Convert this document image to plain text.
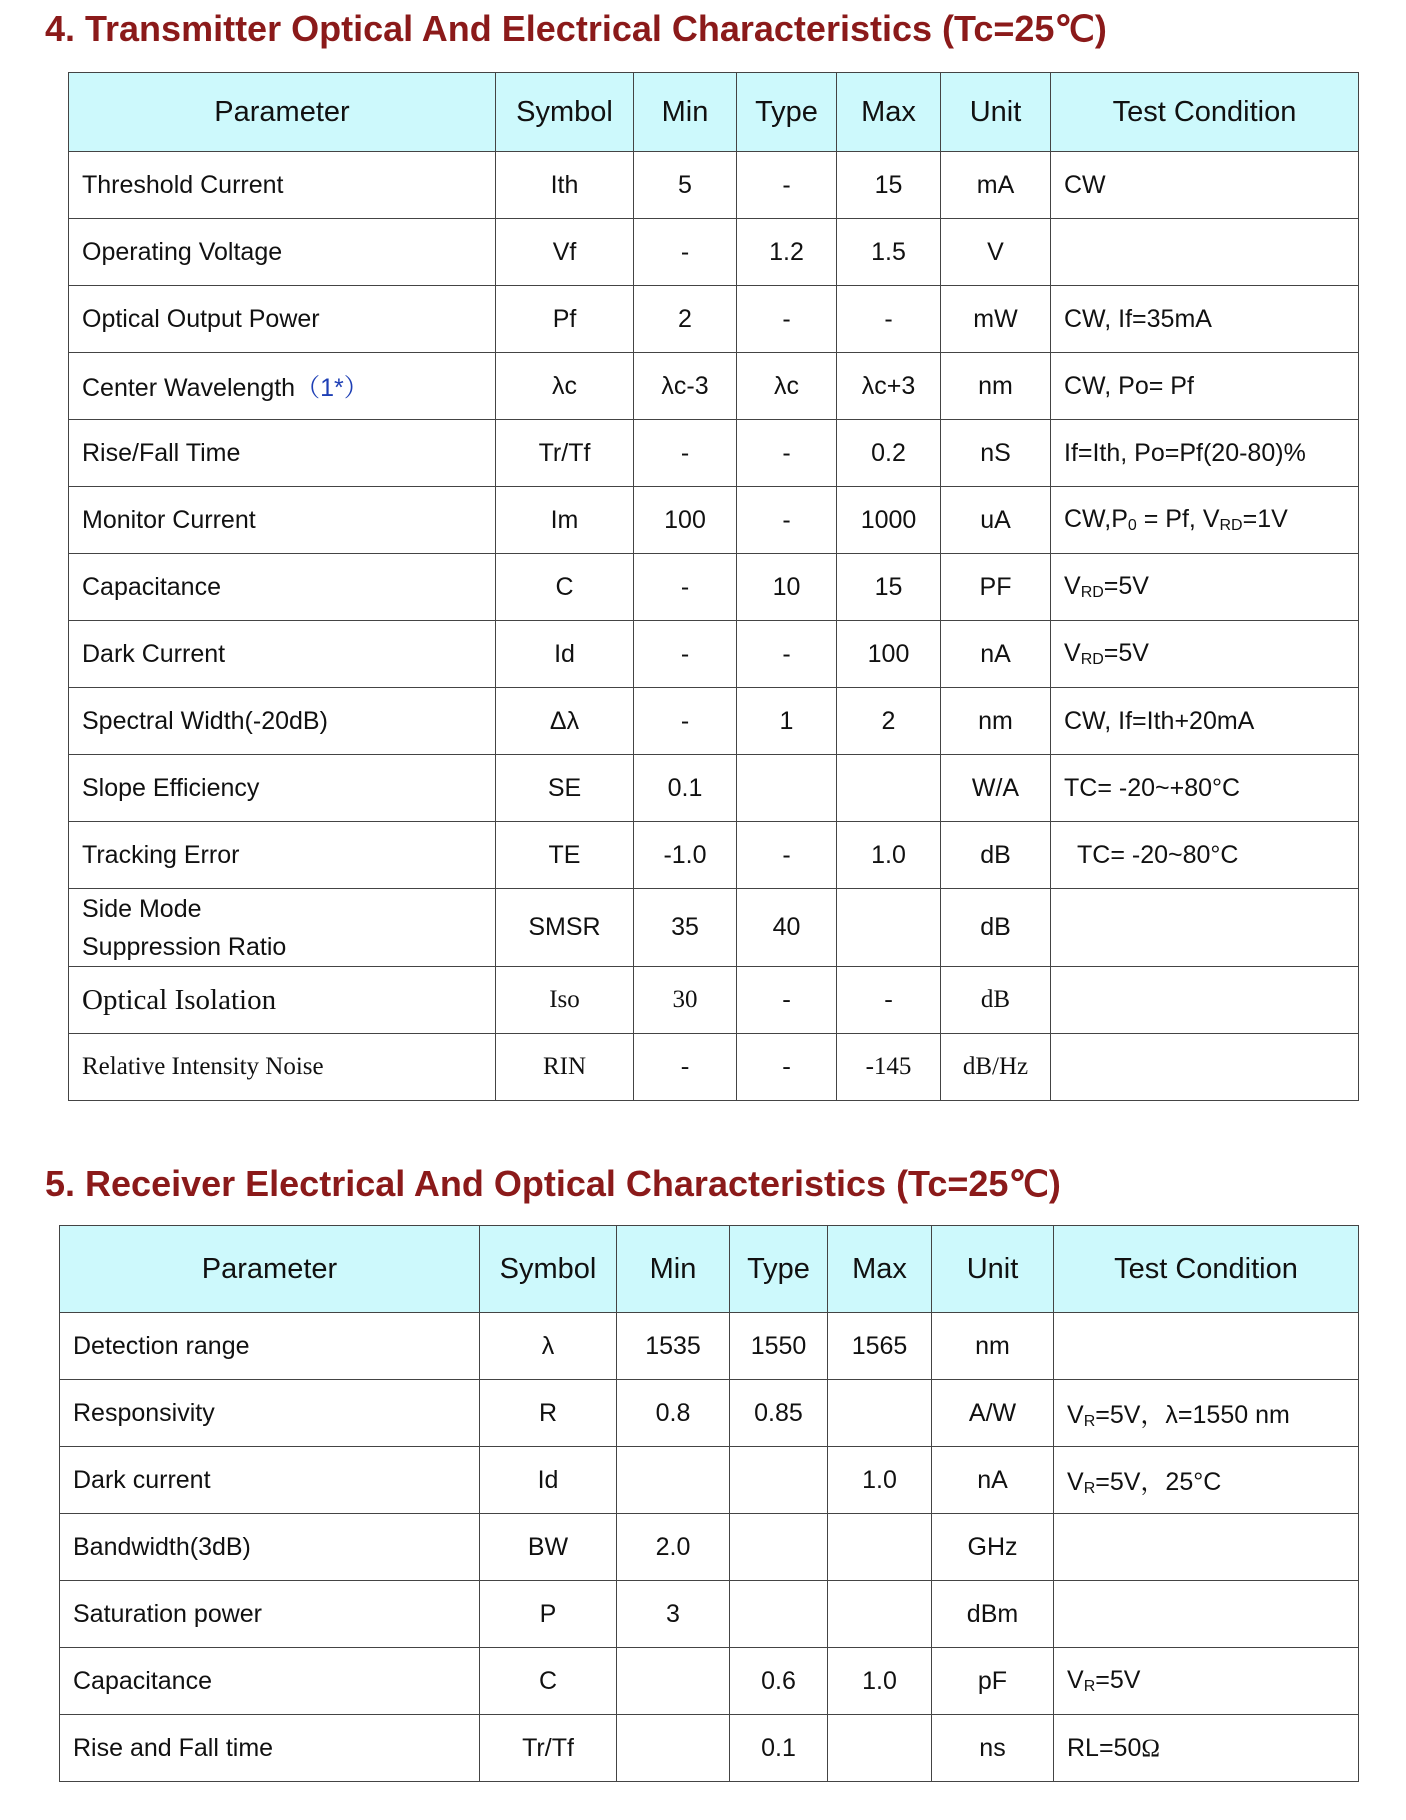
4. Transmitter Optical And Electrical Characteristics (Tc=25℃)
Parameter	Symbol	Min	Type	Max	Unit	Test Condition
Threshold Current	Ith	5	-	15	mA	CW
Operating Voltage	Vf	-	1.2	1.5	V	
Optical Output Power	Pf	2	-	-	mW	CW, If=35mA
Center Wavelength（1*）	λc	λc-3	λc	λc+3	nm	CW, Po= Pf
Rise/Fall Time	Tr/Tf	-	-	0.2	nS	If=Ith, Po=Pf(20-80)%
Monitor Current	Im	100	-	1000	uA	$CW,P_0 = Pf$, $V_{RD}=1V$
Capacitance	C	-	10	15	PF	$V_{RD}=5V$
Dark Current	Id	-	-	100	nA	$V_{RD}=5V$
Spectral Width(-20dB)	Δλ	-	1	2	nm	CW, If=Ith+20mA
Slope Efficiency	SE	0.1			W/A	TC= -20~+80°C
Tracking Error	TE	-1.0	-	1.0	dB	TC= -20~80°C
Side Mode
Suppression Ratio	SMSR	35	40		dB	
Optical Isolation	Iso	30	-	-	dB	
Relative Intensity Noise	RIN	-	-	-145	dB/Hz	
5. Receiver Electrical And Optical Characteristics (Tc=25℃)
Parameter	Symbol	Min	Type	Max	Unit	Test Condition
Detection range	λ	1535	1550	1565	nm	
Responsivity	R	0.8	0.85		A/W	$V_R=5V$，λ=1550 nm
Dark current	Id			1.0	nA	$V_R=5V$，25°C
Bandwidth(3dB)	BW	2.0			GHz	
Saturation power	P	3			dBm	
Capacitance	C		0.6	1.0	pF	$V_R=5V$
Rise and Fall time	Tr/Tf		0.1		ns	RL=50Ω
